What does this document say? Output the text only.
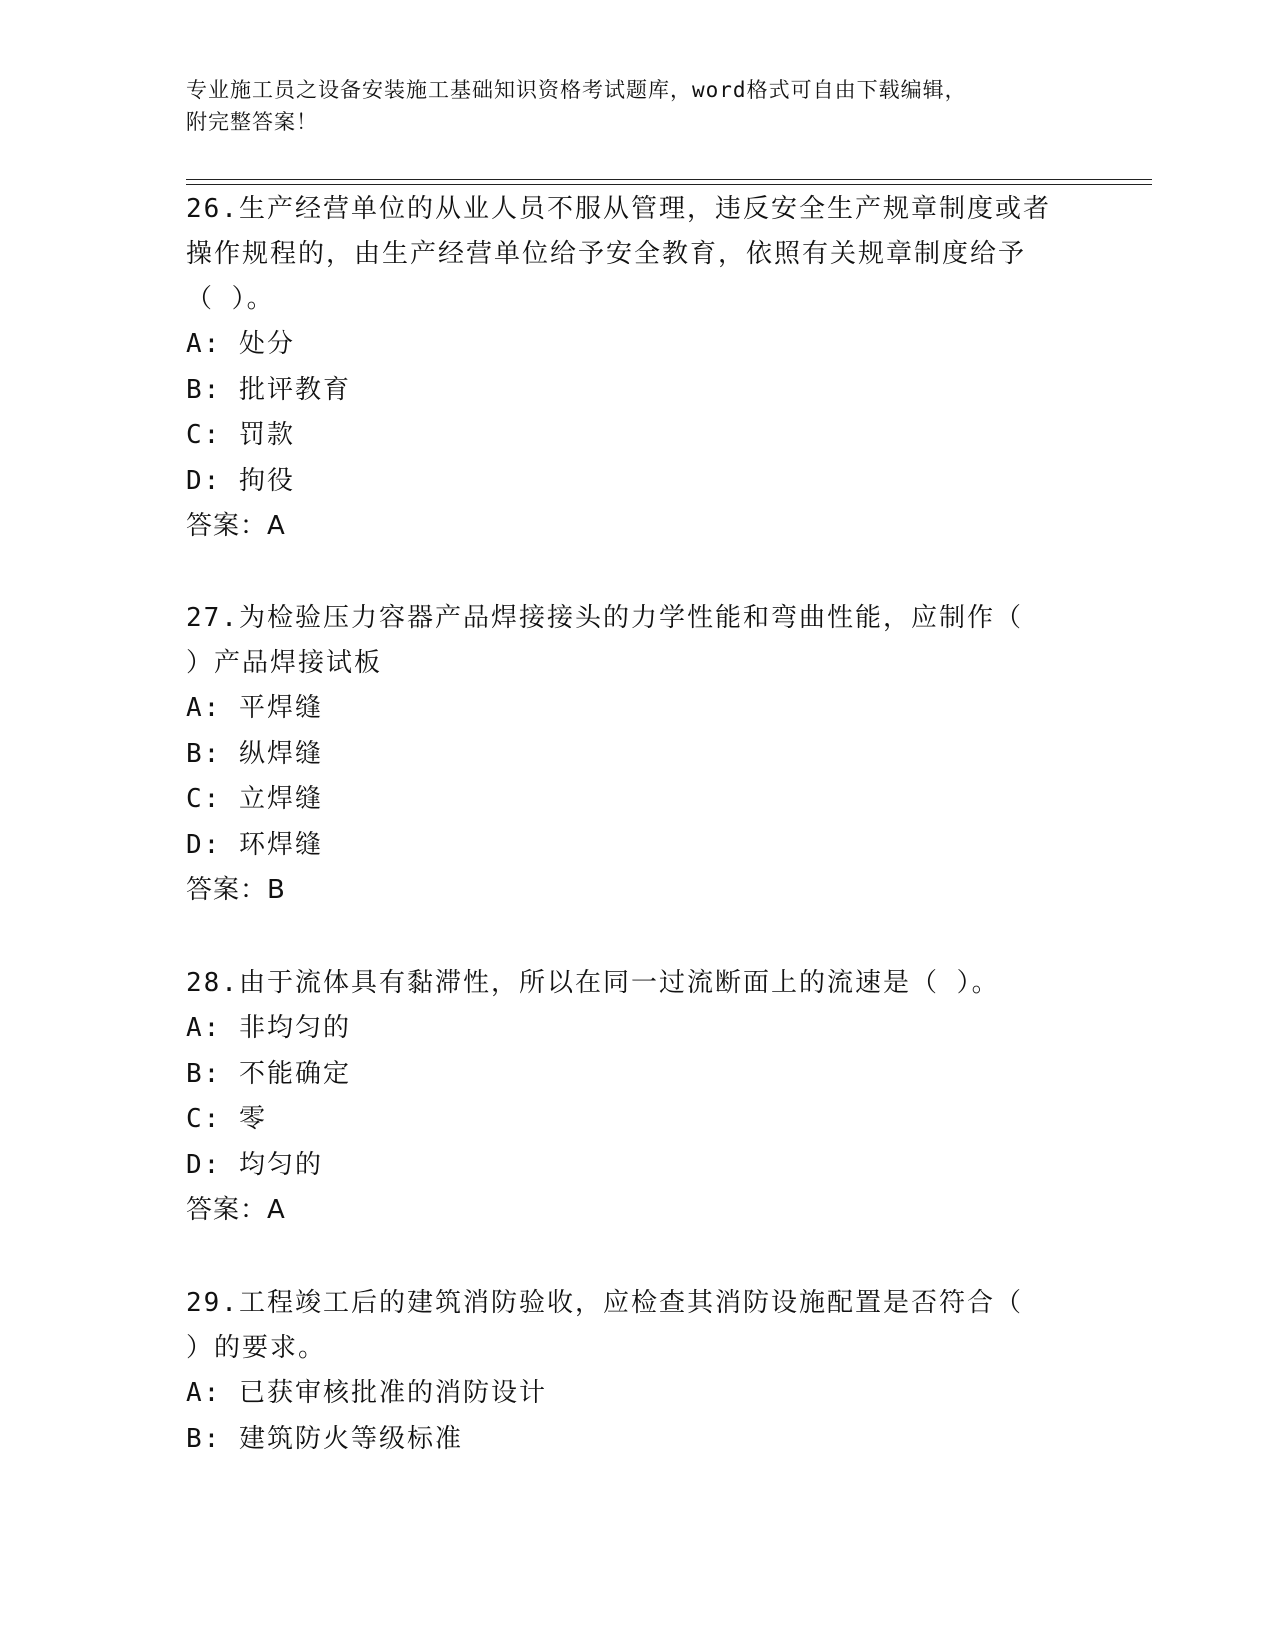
专业施工员之设备安装施工基础知识资格考试题库，word格式可自由下载编辑，
附完整答案！

26.生产经营单位的从业人员不服从管理，违反安全生产规章制度或者

操作规程的，由生产经营单位给予安全教育，依照有关规章制度给予

（ ）。

A: 处分

B: 批评教育

C: 罚款

D: 拘役

答案：A

27.为检验压力容器产品焊接接头的力学性能和弯曲性能，应制作（

）产品焊接试板

A: 平焊缝

B: 纵焊缝

C: 立焊缝

D: 环焊缝

答案：B

28.由于流体具有黏滞性，所以在同一过流断面上的流速是（ ）。

A: 非均匀的

B: 不能确定

C: 零

D: 均匀的

答案：A

29.工程竣工后的建筑消防验收，应检查其消防设施配置是否符合（

）的要求。

A: 已获审核批准的消防设计

B: 建筑防火等级标准
